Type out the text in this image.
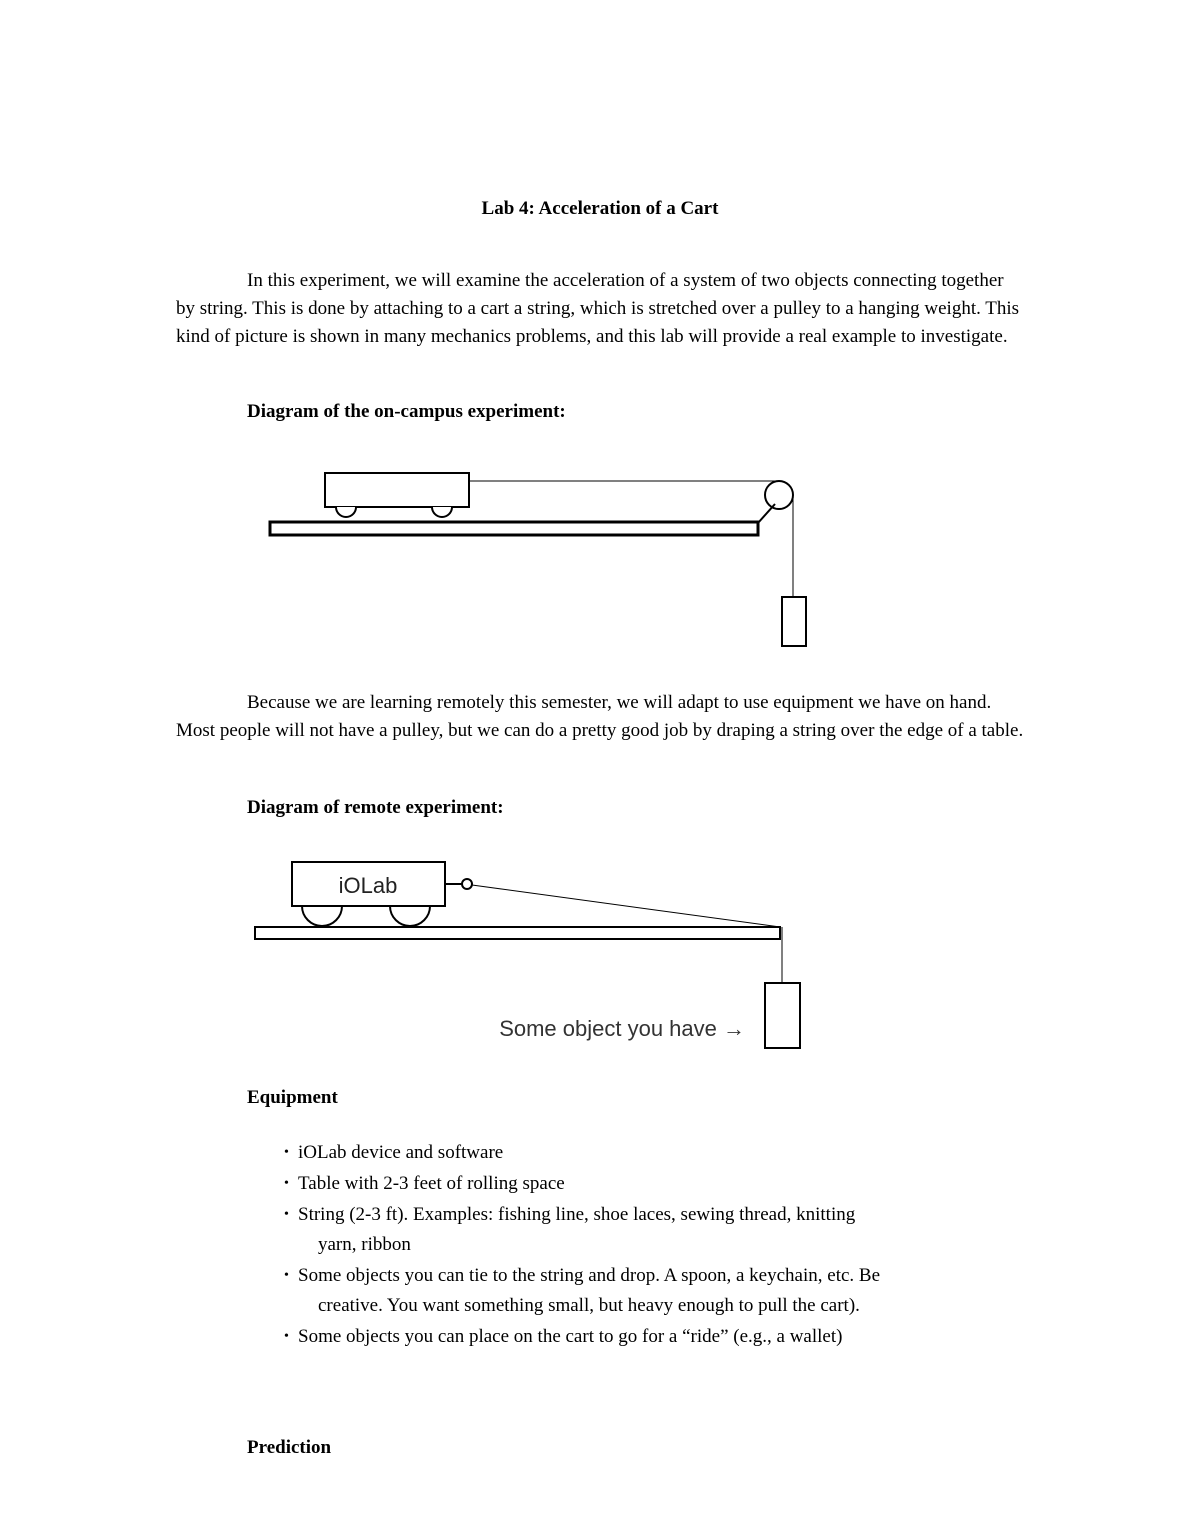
Lab 4: Acceleration of a Cart
In this experiment, we will examine the acceleration of a system of two objects connecting together by string. This is done by attaching to a cart a string, which is stretched over a pulley to a hanging weight. This kind of picture is shown in many mechanics problems, and this lab will provide a real example to investigate.
Diagram of the on-campus experiment:
Because we are learning remotely this semester, we will adapt to use equipment we have on hand. Most people will not have a pulley, but we can do a pretty good job by draping a string over the edge of a table.
Diagram of remote experiment:
iOLab
Some object you have →
Equipment
• iOLab device and software
• Table with 2-3 feet of rolling space
• String (2-3 ft). Examples: fishing line, shoe laces, sewing thread, knitting
yarn, ribbon
• Some objects you can tie to the string and drop. A spoon, a keychain, etc. Be
creative. You want something small, but heavy enough to pull the cart).
• Some objects you can place on the cart to go for a “ride” (e.g., a wallet)
Prediction
